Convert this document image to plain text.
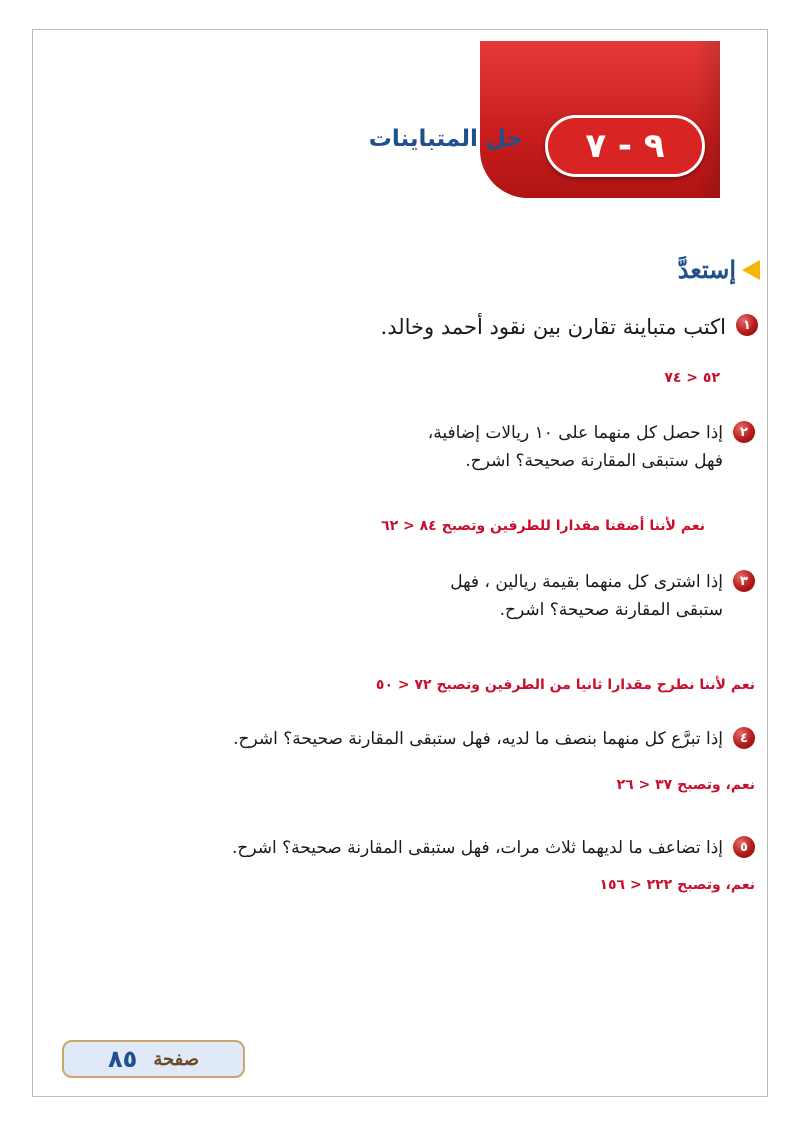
٩ - ٧
حل المتباينات
إستعدَّ
١
اكتب متباينة تقارن بين نقود أحمد وخالد.
٥٢ < ٧٤
٢
إذا حصل كل منهما على ١٠ ريالات إضافية،
فهل ستبقى المقارنة صحيحة؟ اشرح.
نعم لأننا أضفنا مقدارا للطرفين وتصبح ٨٤ < ٦٢
٣
إذا اشترى كل منهما بقيمة ريالين ، فهل
ستبقى المقارنة صحيحة؟ اشرح.
نعم لأننا نطرح مقدارا ثانيا من الطرفين وتصبح ٧٢ < ٥٠
٤
إذا تبرَّع كل منهما بنصف ما لديه، فهل ستبقى المقارنة صحيحة؟ اشرح.
نعم، وتصبح ٣٧ < ٢٦
٥
إذا تضاعف ما لديهما ثلاث مرات، فهل ستبقى المقارنة صحيحة؟ اشرح.
نعم، وتصبح ٢٢٢ < ١٥٦
صفحة
٨٥
